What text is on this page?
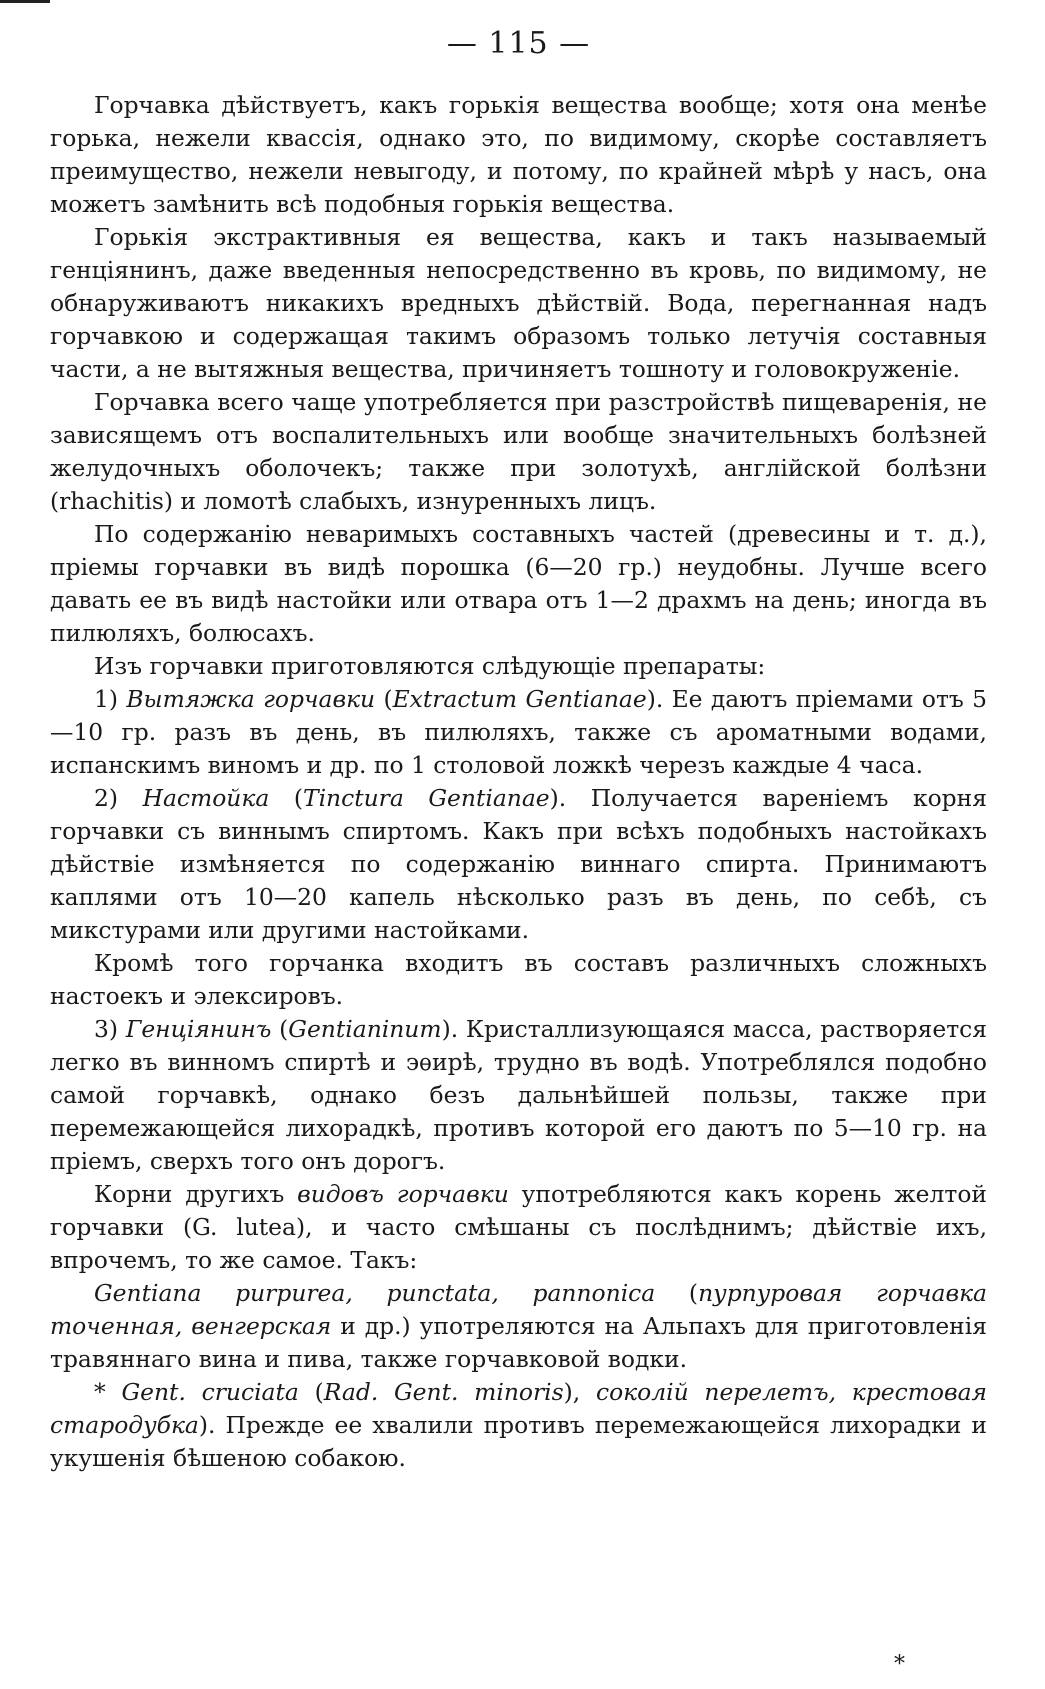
— 115 —

Горчавка дѣйствуетъ, какъ горькія вещества вообще; хотя она менѣе горька, нежели квассія, однако это, по видимому, скорѣе составляетъ преимущество, нежели невыгоду, и потому, по крайней мѣрѣ у насъ, она можетъ замѣнить всѣ подобныя горькія вещества.

Горькія экстрактивныя ея вещества, какъ и такъ называемый генціянинъ, даже введенныя непосредственно въ кровь, по видимому, не обнаруживаютъ никакихъ вредныхъ дѣйствій. Вода, перегнанная надъ горчавкою и содержащая такимъ образомъ только летучія составныя части, а не вытяжныя вещества, причиняетъ тошноту и головокруженіе.

Горчавка всего чаще употребляется при разстройствѣ пищеваренія, не зависящемъ отъ воспалительныхъ или вообще значительныхъ болѣзней желудочныхъ оболочекъ; также при золотухѣ, англійской болѣзни (rhachitis) и ломотѣ слабыхъ, изнуренныхъ лицъ.

По содержанію неваримыхъ составныхъ частей (древесины и т. д.), пріемы горчавки въ видѣ порошка (6—20 гр.) неудобны. Лучше всего давать ее въ видѣ настойки или отвара отъ 1—2 драхмъ на день; иногда въ пилюляхъ, болюсахъ.

Изъ горчавки приготовляются слѣдующіе препараты:

1) Вытяжка горчавки (Extractum Gentianae). Ее даютъ пріемами отъ 5—10 гр. разъ въ день, въ пилюляхъ, также съ ароматными водами, испанскимъ виномъ и др. по 1 столовой ложкѣ черезъ каждые 4 часа.

2) Настойка (Tinctura Gentianae). Получается вареніемъ корня горчавки съ виннымъ спиртомъ. Какъ при всѣхъ подобныхъ настойкахъ дѣйствіе измѣняется по содержанію виннаго спирта. Принимаютъ каплями отъ 10—20 капель нѣсколько разъ въ день, по себѣ, съ микстурами или другими настойками.

Кромѣ того горчанка входитъ въ составъ различныхъ сложныхъ настоекъ и элексировъ.

3) Генціянинъ (Gentianinum). Кристаллизующаяся масса, растворяется легко въ винномъ спиртѣ и эѳирѣ, трудно въ водѣ. Употреблялся подобно самой горчавкѣ, однако безъ дальнѣйшей пользы, также при перемежающейся лихорадкѣ, противъ которой его даютъ по 5—10 гр. на пріемъ, сверхъ того онъ дорогъ.

Корни другихъ видовъ горчавки употребляются какъ корень желтой горчавки (G. lutea), и часто смѣшаны съ послѣднимъ; дѣйствіе ихъ, впрочемъ, то же самое. Такъ:

Gentiana purpurea, punctata, pannonica (пурпуровая горчавка точенная, венгерская и др.) употреляются на Альпахъ для приготовленія травяннаго вина и пива, также горчавковой водки.

* Gent. cruciata (Rad. Gent. minoris), соколій перелетъ, крестовая стародубка). Прежде ее хвалили противъ перемежающейся лихорадки и укушенія бѣшеною собакою.

*
